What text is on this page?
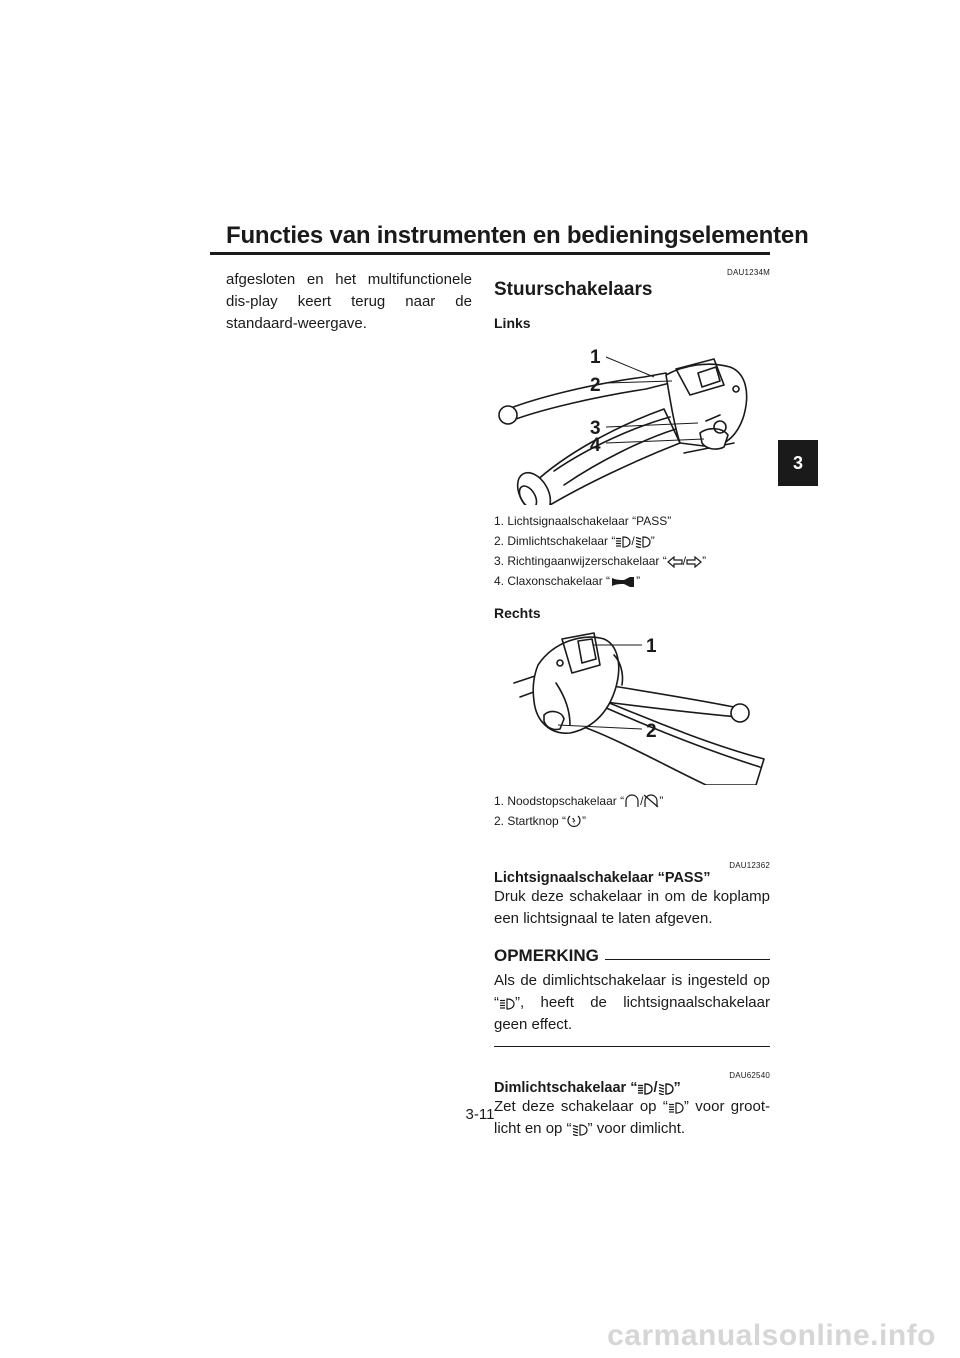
Functies van instrumenten en bedieningselementen
3
afgesloten en het multifunctionele dis-play keert terug naar de standaard-weergave.
DAU1234M
Stuurschakelaars
Links
1
2
3
4
1. Lichtsignaalschakelaar “PASS”
2. Dimlichtschakelaar “ / ”
3. Richtingaanwijzerschakelaar “ / ”
4. Claxonschakelaar “ ”
Rechts
1
2
1. Noodstopschakelaar “ / ”
2. Startknop “ ”
DAU12362
Lichtsignaalschakelaar “PASS”
Druk deze schakelaar in om de koplamp een lichtsignaal te laten afgeven.
OPMERKING
Als de dimlichtschakelaar is ingesteld op “ ”, heeft de lichtsignaalschakelaar geen effect.
DAU62540
Dimlichtschakelaar “ / ”
Zet deze schakelaar op “ ” voor groot-licht en op “ ” voor dimlicht.
3-11
carmanualsonline.info
